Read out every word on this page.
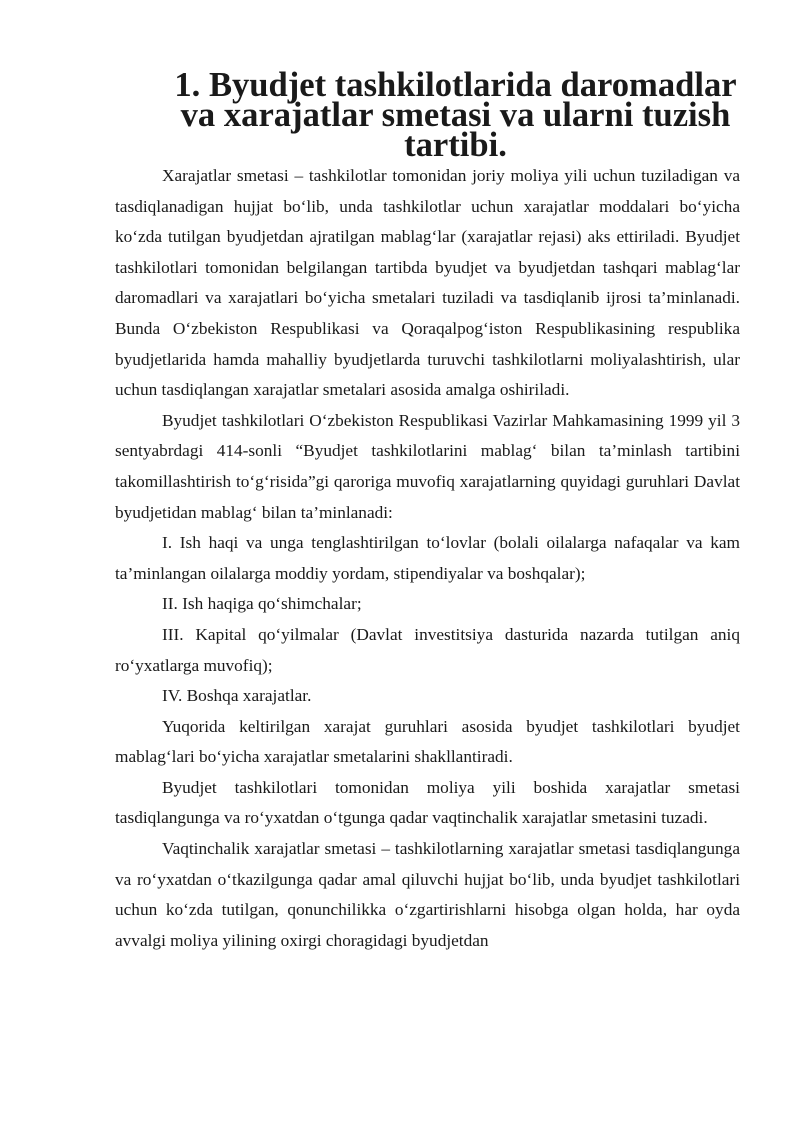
1. Byudjet tashkilotlarida daromadlar va xarajatlar smetasi va ularni tuzish tartibi.

Xarajatlar smetasi – tashkilotlar tomonidan joriy moliya yili uchun tuziladigan va tasdiqlanadigan hujjat bo‘lib, unda tashkilotlar uchun xarajatlar moddalari bo‘yicha ko‘zda tutilgan byudjetdan ajratilgan mablag‘lar (xarajatlar rejasi) aks ettiriladi. Byudjet tashkilotlari tomonidan belgilangan tartibda byudjet va byudjetdan tashqari mablag‘lar daromadlari va xarajatlari bo‘yicha smetalari tuziladi va tasdiqlanib ijrosi ta’minlanadi. Bunda O‘zbekiston Respublikasi va Qoraqalpog‘iston Respublikasining respublika byudjetlarida hamda mahalliy byudjetlarda turuvchi tashkilotlarni moliyalashtirish, ular uchun tasdiqlangan xarajatlar smetalari asosida amalga oshiriladi.

Byudjet tashkilotlari O‘zbekiston Respublikasi Vazirlar Mahkamasining 1999 yil 3 sentyabrdagi 414-sonli “Byudjet tashkilotlarini mablag‘ bilan ta’minlash tartibini takomillashtirish to‘g‘risida”gi qaroriga muvofiq xarajatlarning quyidagi guruhlari Davlat byudjetidan mablag‘ bilan ta’minlanadi:

I. Ish haqi va unga tenglashtirilgan to‘lovlar (bolali oilalarga nafaqalar va kam ta’minlangan oilalarga moddiy yordam, stipendiyalar va boshqalar);

II. Ish haqiga qo‘shimchalar;

III. Kapital qo‘yilmalar (Davlat investitsiya dasturida nazarda tutilgan aniq ro‘yxatlarga muvofiq);

IV. Boshqa xarajatlar.

Yuqorida keltirilgan xarajat guruhlari asosida byudjet tashkilotlari byudjet mablag‘lari bo‘yicha xarajatlar smetalarini shakllantiradi.

Byudjet tashkilotlari tomonidan moliya yili boshida xarajatlar smetasi tasdiqlangunga va ro‘yxatdan o‘tgunga qadar vaqtinchalik xarajatlar smetasini tuzadi.

Vaqtinchalik xarajatlar smetasi – tashkilotlarning xarajatlar smetasi tasdiqlangunga va ro‘yxatdan o‘tkazilgunga qadar amal qiluvchi hujjat bo‘lib, unda byudjet tashkilotlari uchun ko‘zda tutilgan, qonunchilikka o‘zgartirishlarni hisobga olgan holda, har oyda avvalgi moliya yilining oxirgi choragidagi byudjetdan
